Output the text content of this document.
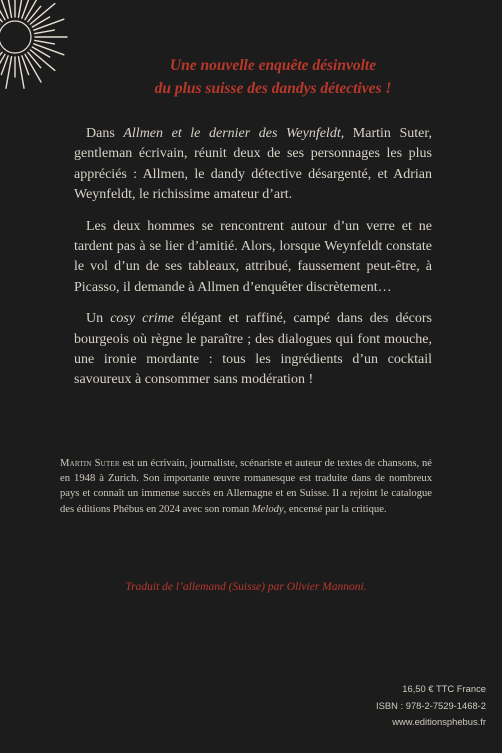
Une nouvelle enquête désinvolte
du plus suisse des dandys détectives !

Dans Allmen et le dernier des Weynfeldt, Martin Suter, gentleman écrivain, réunit deux de ses personnages les plus appréciés : Allmen, le dandy détective désargenté, et Adrian Weynfeldt, le richissime amateur d’art.

Les deux hommes se rencontrent autour d’un verre et ne tardent pas à se lier d’amitié. Alors, lorsque Weynfeldt constate le vol d’un de ses tableaux, attribué, faussement peut-être, à Picasso, il demande à Allmen d’enquêter discrètement…

Un cosy crime élégant et raffiné, campé dans des décors bourgeois où règne le paraître ; des dialogues qui font mouche, une ironie mordante : tous les ingrédients d’un cocktail savoureux à consommer sans modération !

Martin Suter est un écrivain, journaliste, scénariste et auteur de textes de chansons, né en 1948 à Zurich. Son importante œuvre romanesque est traduite dans de nombreux pays et connaît un immense succès en Allemagne et en Suisse. Il a rejoint le catalogue des éditions Phébus en 2024 avec son roman Melody, encensé par la critique.
Traduit de l’allemand (Suisse) par Olivier Mannoni.
16,50 € TTC France
ISBN : 978-2-7529-1468-2
www.editionsphebus.fr
